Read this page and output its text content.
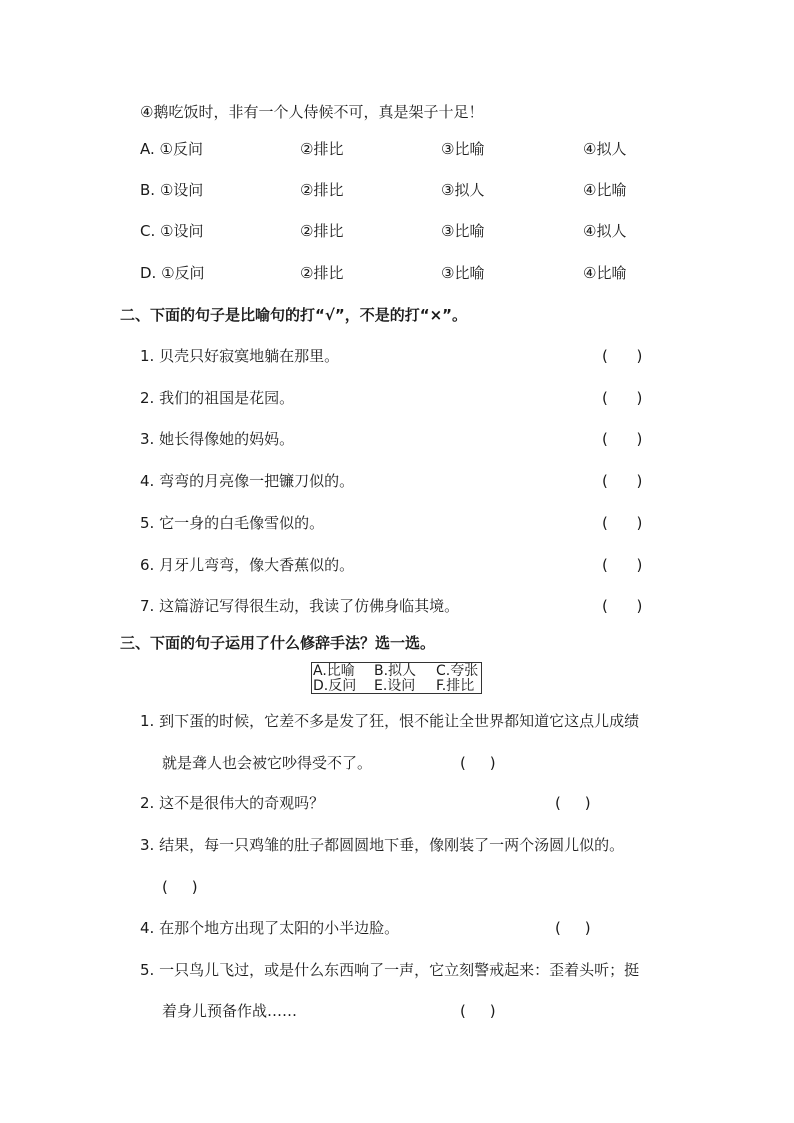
④鹅吃饭时，非有一个人侍候不可，真是架子十足！
A. ①反问	②排比	③比喻	④拟人
B. ①设问	②排比	③拟人	④比喻
C. ①设问	②排比	③比喻	④拟人
D. ①反问	②排比	③比喻	④比喻
二、下面的句子是比喻句的打“√”，不是的打“×”。
1. 贝壳只好寂寞地躺在那里。	(      )
2. 我们的祖国是花园。	(      )
3. 她长得像她的妈妈。	(      )
4. 弯弯的月亮像一把镰刀似的。	(      )
5. 它一身的白毛像雪似的。	(      )
6. 月牙儿弯弯，像大香蕉似的。	(      )
7. 这篇游记写得很生动，我读了仿佛身临其境。	(      )
三、下面的句子运用了什么修辞手法？选一选。
A.比喻 B.拟人 C.夸张
D.反问 E.设问 F.排比
1. 到下蛋的时候，它差不多是发了狂，恨不能让全世界都知道它这点儿成绩
就是聋人也会被它吵得受不了。	(     )
2. 这不是很伟大的奇观吗？	(     )
3. 结果，每一只鸡雏的肚子都圆圆地下垂，像刚装了一两个汤圆儿似的。
(     )
4. 在那个地方出现了太阳的小半边脸。	(     )
5. 一只鸟儿飞过，或是什么东西响了一声，它立刻警戒起来：歪着头听；挺
着身儿预备作战……	(     )
